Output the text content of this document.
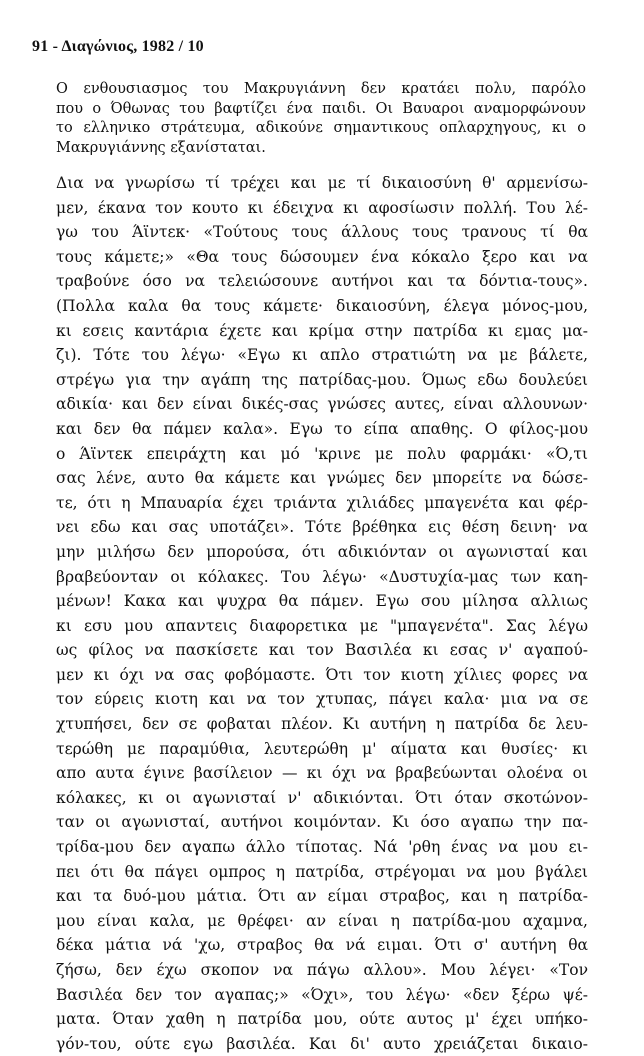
91 - Διαγώνιος, 1982 / 10
Ο ενθουσιασμος του Μακρυγιάννη δεν κρατάει πολυ, παρόλο
που ο Όθωνας του βαφτίζει ένα παιδι. Οι Βαυαροι αναμορφώνουν
το ελληνικο στράτευμα, αδικούνε σημαντικους οπλαρχηγους, κι ο
Μακρυγιάννης εξανίσταται.
Δια να γνωρίσω τί τρέχει και με τί δικαιοσύνη θ' αρμενίσω-
μεν, έκανα τον κουτο κι έδειχνα κι αφοσίωσιν πολλή. Του λέ-
γω του Άϊντεκ· «Τούτους τους άλλους τους τρανους τί θα
τους κάμετε;» «Θα τους δώσουμεν ένα κόκαλο ξερο και να
τραβούνε όσο να τελειώσουνε αυτήνοι και τα δόντια-τους».
(Πολλα καλα θα τους κάμετε· δικαιοσύνη, έλεγα μόνος-μου,
κι εσεις καντάρια έχετε και κρίμα στην πατρίδα κι εμας μα-
ζι). Τότε του λέγω· «Εγω κι απλο στρατιώτη να με βάλετε,
στρέγω για την αγάπη της πατρίδας-μου. Όμως εδω δουλεύει
αδικία· και δεν είναι δικές-σας γνώσες αυτες, είναι αλλουνων·
και δεν θα πάμεν καλα». Εγω το είπα απαθης. Ο φίλος-μου
ο Άϊντεκ επειράχτη και μό 'κρινε με πολυ φαρμάκι· «Ό,τι
σας λένε, αυτο θα κάμετε και γνώμες δεν μπορείτε να δώσε-
τε, ότι η Μπαυαρία έχει τριάντα χιλιάδες μπαγενέτα και φέρ-
νει εδω και σας υποτάζει». Τότε βρέθηκα εις θέση δεινη· να
μην μιλήσω δεν μπορούσα, ότι αδικιόνταν οι αγωνισταί και
βραβεύονταν οι κόλακες. Του λέγω· «Δυστυχία-μας των καη-
μένων! Κακα και ψυχρα θα πάμεν. Εγω σου μίλησα αλλιως
κι εσυ μου απαντεις διαφορετικα με "μπαγενέτα". Σας λέγω
ως φίλος να πασκίσετε και τον Βασιλέα κι εσας ν' αγαπού-
μεν κι όχι να σας φοβόμαστε. Ότι τον κιοτη χίλιες φορες να
τον εύρεις κιοτη και να τον χτυπας, πάγει καλα· μια να σε
χτυπήσει, δεν σε φοβαται πλέον. Κι αυτήνη η πατρίδα δε λευ-
τερώθη με παραμύθια, λευτερώθη μ' αίματα και θυσίες· κι
απο αυτα έγινε βασίλειον — κι όχι να βραβεύωνται ολοένα οι
κόλακες, κι οι αγωνισταί ν' αδικιόνται. Ότι όταν σκοτώνον-
ταν οι αγωνισταί, αυτήνοι κοιμόνταν. Κι όσο αγαπω την πα-
τρίδα-μου δεν αγαπω άλλο τίποτας. Νά 'ρθη ένας να μου ει-
πει ότι θα πάγει ομπρος η πατρίδα, στρέγομαι να μου βγάλει
και τα δυό-μου μάτια. Ότι αν είμαι στραβος, και η πατρίδα-
μου είναι καλα, με θρέφει· αν είναι η πατρίδα-μου αχαμνα,
δέκα μάτια νά 'χω, στραβος θα νά ειμαι. Ότι σ' αυτήνη θα
ζήσω, δεν έχω σκοπον να πάγω αλλου». Μου λέγει· «Τον
Βασιλέα δεν τον αγαπας;» «Όχι», του λέγω· «δεν ξέρω ψέ-
ματα. Όταν χαθη η πατρίδα μου, ούτε αυτος μ' έχει υπήκο-
γόν-του, ούτε εγω βασιλέα. Και δι' αυτο χρειάζεται δικαιο-
